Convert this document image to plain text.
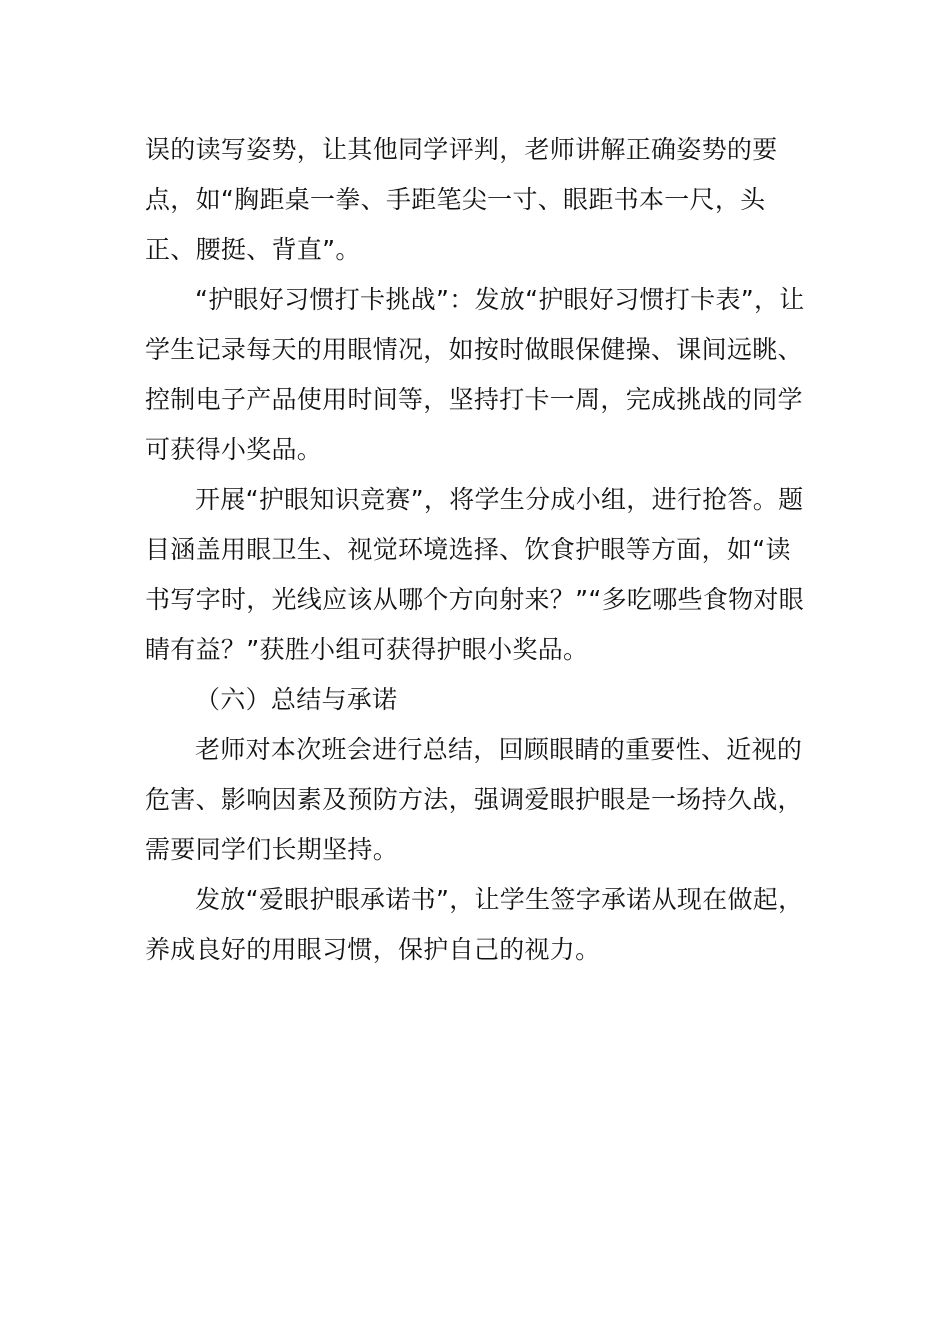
误的读写姿势，让其他同学评判，老师讲解正确姿势的要点，如“胸距桌一拳、手距笔尖一寸、眼距书本一尺，头正、腰挺、背直”。

“护眼好习惯打卡挑战”：发放“护眼好习惯打卡表”，让学生记录每天的用眼情况，如按时做眼保健操、课间远眺、控制电子产品使用时间等，坚持打卡一周，完成挑战的同学可获得小奖品。

开展“护眼知识竞赛”，将学生分成小组，进行抢答。题目涵盖用眼卫生、视觉环境选择、饮食护眼等方面，如“读书写字时，光线应该从哪个方向射来？”“多吃哪些食物对眼睛有益？”获胜小组可获得护眼小奖品。

（六）总结与承诺

老师对本次班会进行总结，回顾眼睛的重要性、近视的危害、影响因素及预防方法，强调爱眼护眼是一场持久战，需要同学们长期坚持。

发放“爱眼护眼承诺书”，让学生签字承诺从现在做起，养成良好的用眼习惯，保护自己的视力。
